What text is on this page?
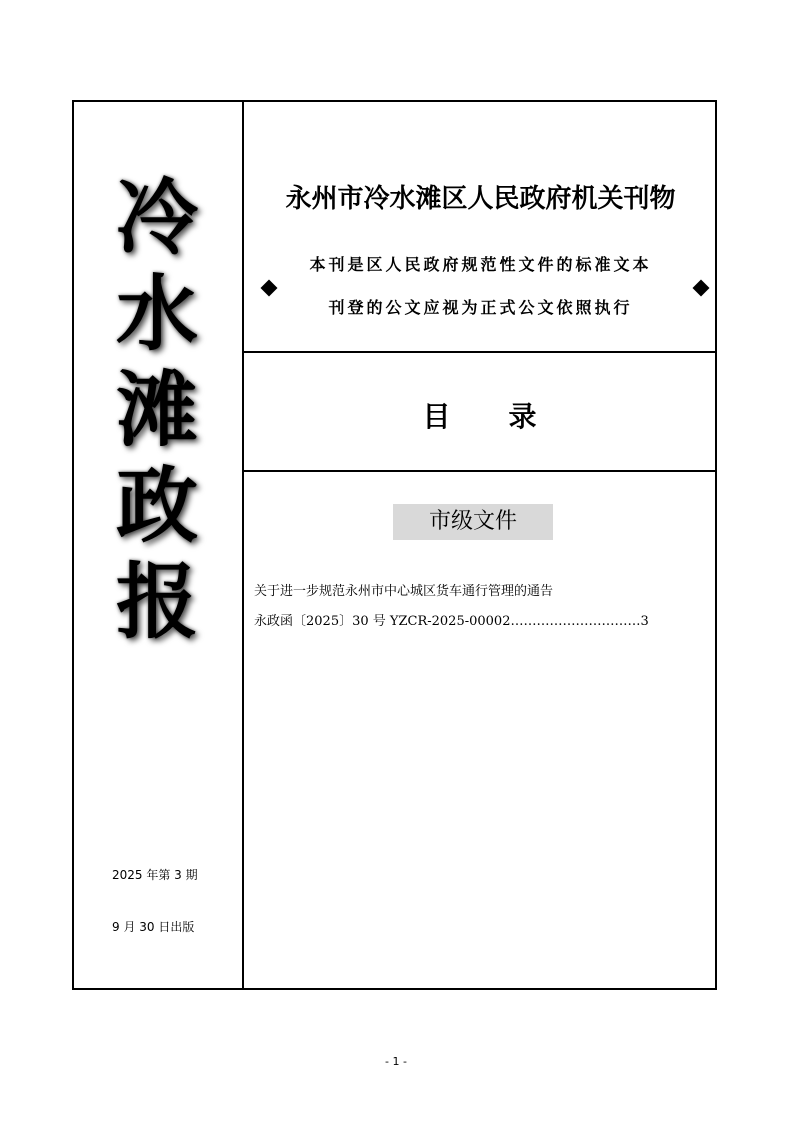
冷
水
滩
政
报
2025 年第 3 期
9 月 30 日出版
永州市冷水滩区人民政府机关刊物
本刊是区人民政府规范性文件的标准文本
刊登的公文应视为正式公文依照执行
目录
市级文件
关于进一步规范永州市中心城区货车通行管理的通告
永政函〔2025〕30 号 YZCR-2025-00002…………………………3
- 1 -
